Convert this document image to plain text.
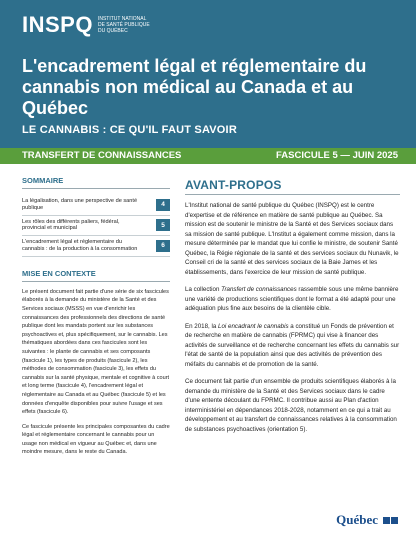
INSPQ INSTITUT NATIONAL
DE SANTÉ PUBLIQUE
DU QUÉBEC
L'encadrement légal et réglementaire du cannabis non médical au Canada et au Québec
LE CANNABIS : CE QU'IL FAUT SAVOIR
TRANSFERT DE CONNAISSANCES	FASCICULE 5 — JUIN 2025
SOMMAIRE
La légalisation, dans une perspective de santé publique	4
Les rôles des différents paliers, fédéral, provincial et municipal	5
L'encadrement légal et réglementaire du cannabis : de la production à la consommation	6
MISE EN CONTEXTE

Le présent document fait partie d'une série de six fascicules élaborés à la demande du ministère de la Santé et des Services sociaux (MSSS) en vue d'enrichir les connaissances des professionnels des directions de santé publique dont les mandats portent sur les substances psychoactives et, plus spécifiquement, sur le cannabis. Les thématiques abordées dans ces fascicules sont les suivantes : le plante de cannabis et ses composants (fascicule 1), les types de produits (fascicule 2), les méthodes de consommation (fascicule 3), les effets du cannabis sur la santé physique, mentale et cognitive à court et long terme (fascicule 4), l'encadrement légal et réglementaire au Canada et au Québec (fascicule 5) et les données d'enquête disponibles pour suivre l'usage et ses effets (fascicule 6).

Ce fascicule présente les principales composantes du cadre légal et réglementaire concernant le cannabis pour un usage non médical en vigueur au Québec et, dans une moindre mesure, dans le reste du Canada.

AVANT-PROPOS

L'Institut national de santé publique du Québec (INSPQ) est le centre d'expertise et de référence en matière de santé publique au Québec. Sa mission est de soutenir le ministre de la Santé et des Services sociaux dans sa mission de santé publique. L'Institut a également comme mission, dans la mesure déterminée par le mandat que lui confie le ministre, de soutenir Santé Québec, la Régie régionale de la santé et des services sociaux du Nunavik, le Conseil cri de la santé et des services sociaux de la Baie James et les établissements, dans l'exercice de leur mission de santé publique.

La collection Transfert de connaissances rassemble sous une même bannière une variété de productions scientifiques dont le format a été adapté pour une adéquation plus fine aux besoins de la clientèle cible.

En 2018, la Loi encadrant le cannabis a constitué un Fonds de prévention et de recherche en matière de cannabis (FPRMC) qui vise à financer des activités de surveillance et de recherche concernant les effets du cannabis sur l'état de santé de la population ainsi que des activités de prévention des méfaits du cannabis et de promotion de la santé.

Ce document fait partie d'un ensemble de produits scientifiques élaborés à la demande du ministère de la Santé et des Services sociaux dans le cadre d'une entente découlant du FPRMC. Il contribue aussi au Plan d'action interministériel en dépendances 2018-2028, notamment en ce qui a trait au développement et au transfert de connaissances relatives à la consommation de substances psychoactives (orientation 5).

Québec
